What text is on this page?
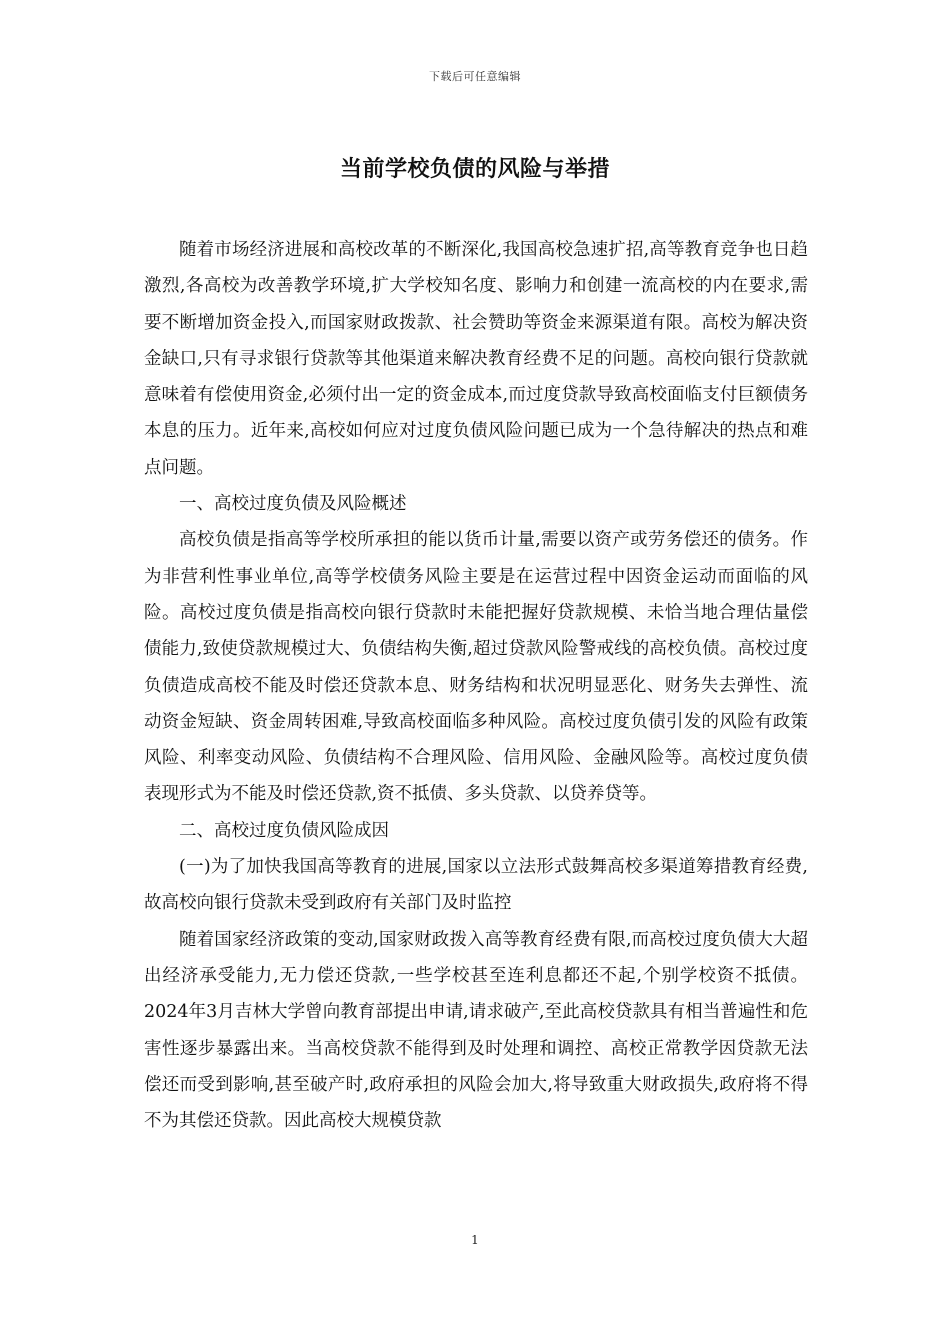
下载后可任意编辑
当前学校负债的风险与举措

随着市场经济进展和高校改革的不断深化,我国高校急速扩招,高等教育竞争也日趋激烈,各高校为改善教学环境,扩大学校知名度、影响力和创建一流高校的内在要求,需要不断增加资金投入,而国家财政拨款、社会赞助等资金来源渠道有限。高校为解决资金缺口,只有寻求银行贷款等其他渠道来解决教育经费不足的问题。高校向银行贷款就意味着有偿使用资金,必须付出一定的资金成本,而过度贷款导致高校面临支付巨额债务本息的压力。近年来,高校如何应对过度负债风险问题已成为一个急待解决的热点和难点问题。

一、高校过度负债及风险概述

高校负债是指高等学校所承担的能以货币计量,需要以资产或劳务偿还的债务。作为非营利性事业单位,高等学校债务风险主要是在运营过程中因资金运动而面临的风险。高校过度负债是指高校向银行贷款时未能把握好贷款规模、未恰当地合理估量偿债能力,致使贷款规模过大、负债结构失衡,超过贷款风险警戒线的高校负债。高校过度负债造成高校不能及时偿还贷款本息、财务结构和状况明显恶化、财务失去弹性、流动资金短缺、资金周转困难,导致高校面临多种风险。高校过度负债引发的风险有政策风险、利率变动风险、负债结构不合理风险、信用风险、金融风险等。高校过度负债表现形式为不能及时偿还贷款,资不抵债、多头贷款、以贷养贷等。

二、高校过度负债风险成因

(一)为了加快我国高等教育的进展,国家以立法形式鼓舞高校多渠道筹措教育经费,故高校向银行贷款未受到政府有关部门及时监控

随着国家经济政策的变动,国家财政拨入高等教育经费有限,而高校过度负债大大超出经济承受能力,无力偿还贷款,一些学校甚至连利息都还不起,个别学校资不抵债。2024年3月吉林大学曾向教育部提出申请,请求破产,至此高校贷款具有相当普遍性和危害性逐步暴露出来。当高校贷款不能得到及时处理和调控、高校正常教学因贷款无法偿还而受到影响,甚至破产时,政府承担的风险会加大,将导致重大财政损失,政府将不得不为其偿还贷款。因此高校大规模贷款

1
